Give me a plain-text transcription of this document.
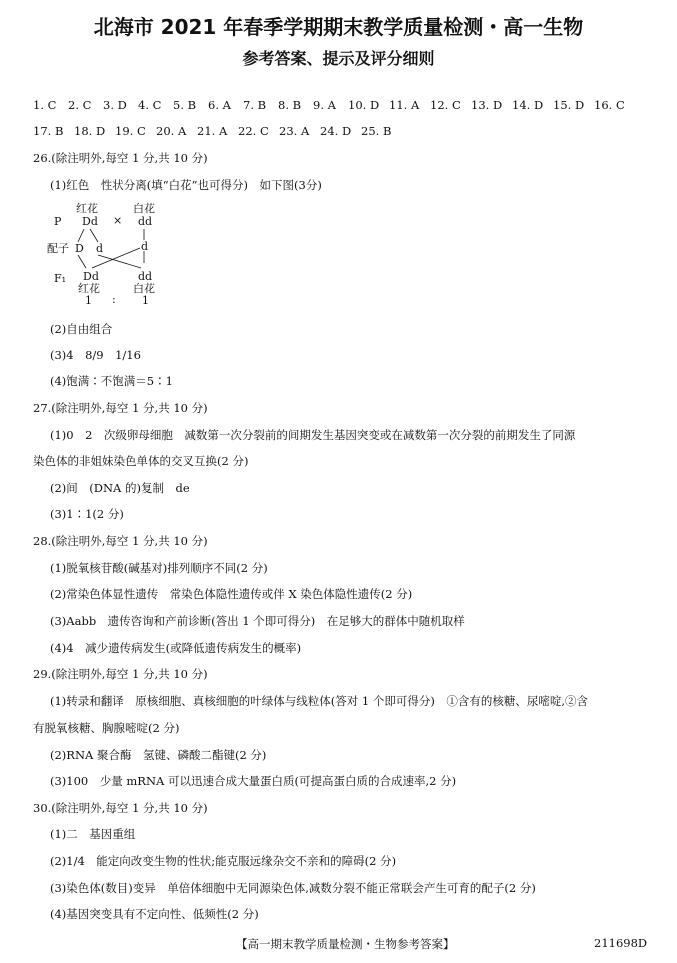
北海市 2021 年春季学期期末教学质量检测・高一生物
参考答案、提示及评分细则
1. C 2. C 3. D 4. C 5. B 6. A 7. B 8. B 9. A 10. D 11. A 12. C 13. D 14. D 15. D 16. C
17. B 18. D 19. C 20. A 21. A 22. C 23. A 24. D 25. B
26.(除注明外,每空 1 分,共 10 分)
(1)红色　性状分离(填“白花”也可得分)　如下图(3分)
P
红花
Dd ×
白花
dd
配子 D d	d
F₁ Dd
红花
dd
白花
1 : 1
(2)自由组合
(3)4　8/9　1/16
(4)饱满∶不饱满＝5∶1
27.(除注明外,每空 1 分,共 10 分)
(1)0　2　次级卵母细胞　减数第一次分裂前的间期发生基因突变或在减数第一次分裂的前期发生了同源
染色体的非姐妹染色单体的交叉互换(2 分)
(2)间　(DNA 的)复制　de
(3)1∶1(2 分)
28.(除注明外,每空 1 分,共 10 分)
(1)脱氧核苷酸(碱基对)排列顺序不同(2 分)
(2)常染色体显性遗传　常染色体隐性遗传或伴 X 染色体隐性遗传(2 分)
(3)Aabb　遗传咨询和产前诊断(答出 1 个即可得分)　在足够大的群体中随机取样
(4)4　减少遗传病发生(或降低遗传病发生的概率)
29.(除注明外,每空 1 分,共 10 分)
(1)转录和翻译　原核细胞、真核细胞的叶绿体与线粒体(答对 1 个即可得分)　①含有的核糖、尿嘧啶,②含
有脱氧核糖、胸腺嘧啶(2 分)
(2)RNA 聚合酶　氢键、磷酸二酯键(2 分)
(3)100　少量 mRNA 可以迅速合成大量蛋白质(可提高蛋白质的合成速率,2 分)
30.(除注明外,每空 1 分,共 10 分)
(1)二　基因重组
(2)1/4　能定向改变生物的性状;能克服远缘杂交不亲和的障碍(2 分)
(3)染色体(数目)变异　单倍体细胞中无同源染色体,减数分裂不能正常联会产生可育的配子(2 分)
(4)基因突变具有不定向性、低频性(2 分)
【高一期末教学质量检测・生物参考答案】	211698D
